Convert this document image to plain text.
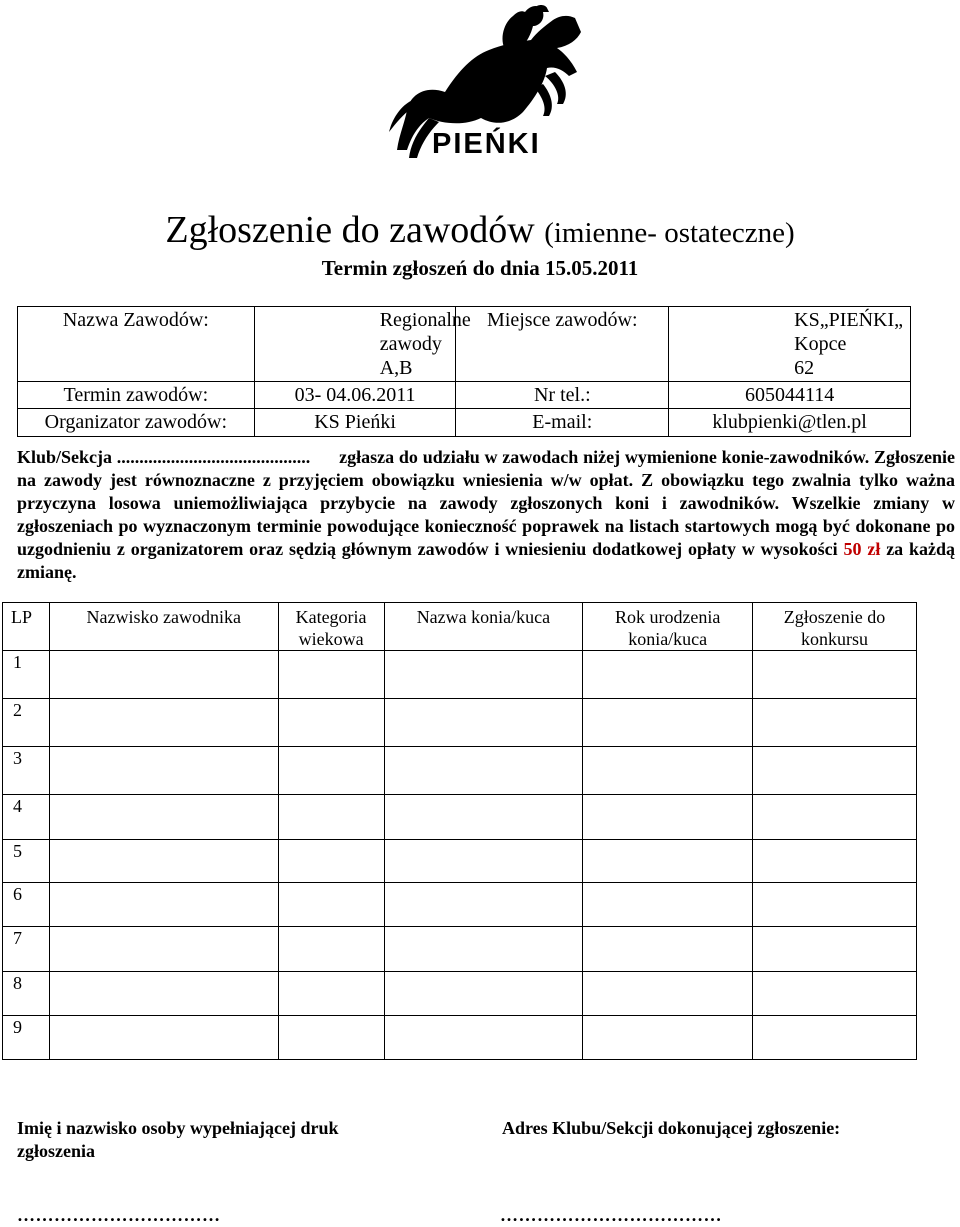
PIEŃKI
Zgłoszenie do zawodów (imienne- ostateczne)
Termin zgłoszeń do dnia 15.05.2011
Nazwa Zawodów:	Regionalne zawody A,B	Miejsce zawodów:	KS„PIEŃKI„ Kopce 62
Termin zawodów:	03- 04.06.2011	Nr tel.:	605044114
Organizator zawodów:	KS Pieńki	E-mail:	klubpienki@tlen.pl
Klub/Sekcja ........................................... zgłasza do udziału w zawodach niżej wymienione konie-zawodników. Zgłoszenie na zawody jest równoznaczne z przyjęciem obowiązku wniesienia w/w opłat. Z obowiązku tego zwalnia tylko ważna przyczyna losowa uniemożliwiająca przybycie na zawody zgłoszonych koni i zawodników. Wszelkie zmiany w zgłoszeniach po wyznaczonym terminie powodujące konieczność poprawek na listach startowych mogą być dokonane po uzgodnieniu z organizatorem oraz sędzią głównym zawodów i wniesieniu dodatkowej opłaty w wysokości 50 zł za każdą zmianę.
LP	Nazwisko zawodnika	Kategoria wiekowa	Nazwa konia/kuca	Rok urodzenia konia/kuca	Zgłoszenie do konkursu
1					
2					
3					
4					
5					
6					
7					
8					
9					
Imię i nazwisko osoby wypełniającej druk zgłoszenia
Adres Klubu/Sekcji dokonującej zgłoszenie:
……………………………	………………………………
